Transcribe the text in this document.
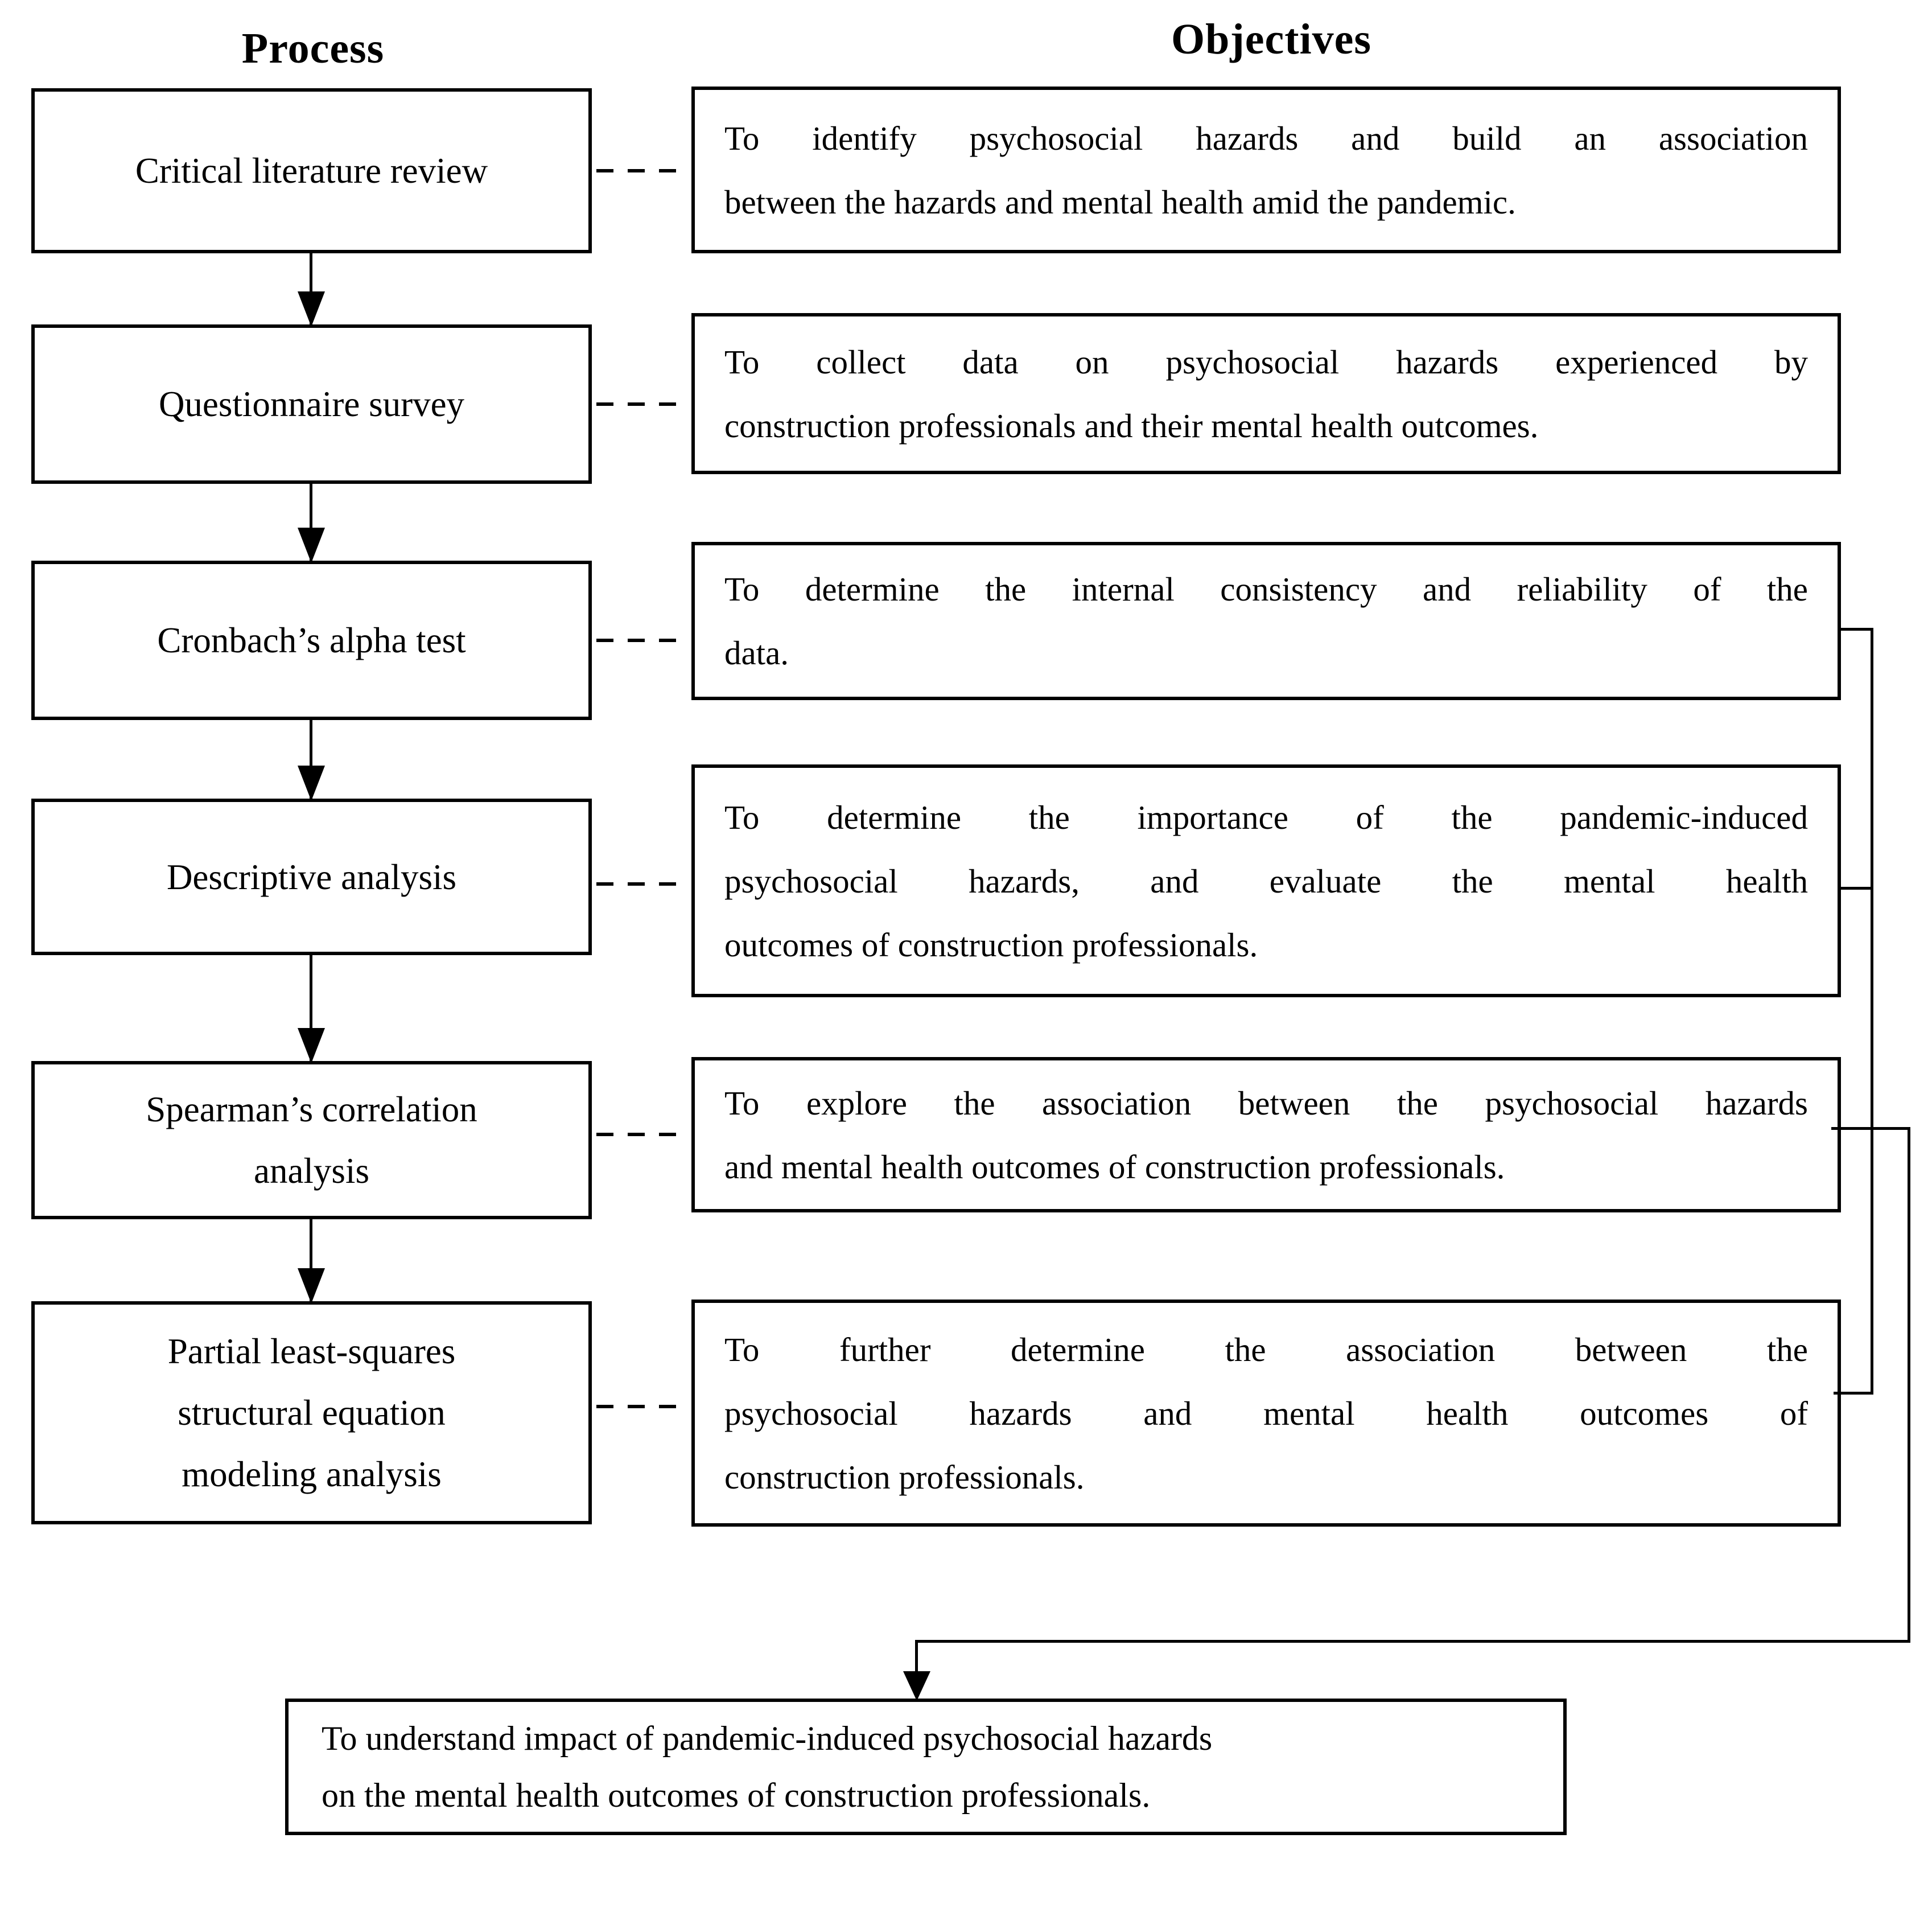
Process	Objectives
Critical literature review
Questionnaire survey
Cronbach’s alpha test
Descriptive analysis
Spearman’s correlation
analysis
Partial least-squares
structural equation
modeling analysis
To identify psychosocial hazards and build an association
between the hazards and mental health amid the pandemic.
To collect data on psychosocial hazards experienced by
construction professionals and their mental health outcomes.
To determine the internal consistency and reliability of the
data.
To determine the importance of the pandemic-induced
psychosocial hazards, and evaluate the mental health
outcomes of construction professionals.
To explore the association between the psychosocial hazards
and mental health outcomes of construction professionals.
To further determine the association between the
psychosocial hazards and mental health outcomes of
construction professionals.
To understand impact of pandemic-induced psychosocial hazards
on the mental health outcomes of construction professionals.
